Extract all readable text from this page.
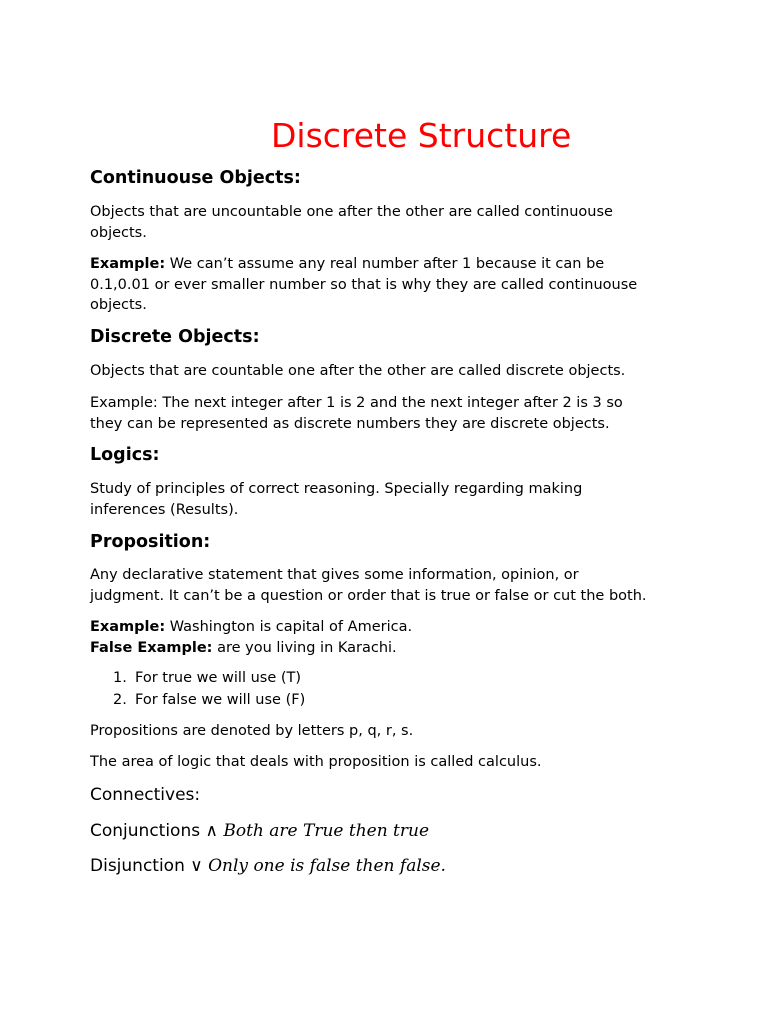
Discrete Structure
Continuouse Objects:
Objects that are uncountable one after the other are called continuouse
objects.
Example: We can’t assume any real number after 1 because it can be
0.1,0.01 or ever smaller number so that is why they are called continuouse
objects.
Discrete Objects:
Objects that are countable one after the other are called discrete objects.
Example: The next integer after 1 is 2 and the next integer after 2 is 3 so
they can be represented as discrete numbers they are discrete objects.
Logics:
Study of principles of correct reasoning. Specially regarding making
inferences (Results).
Proposition:
Any declarative statement that gives some information, opinion, or
judgment. It can’t be a question or order that is true or false or cut the both.
Example: Washington is capital of America.
False Example: are you living in Karachi.
1. For true we will use (T)
2. For false we will use (F)
Propositions are denoted by letters p, q, r, s.
The area of logic that deals with proposition is called calculus.
Connectives:
Conjunctions ∧ Both are True then true
Disjunction ∨ Only one is false then false.
